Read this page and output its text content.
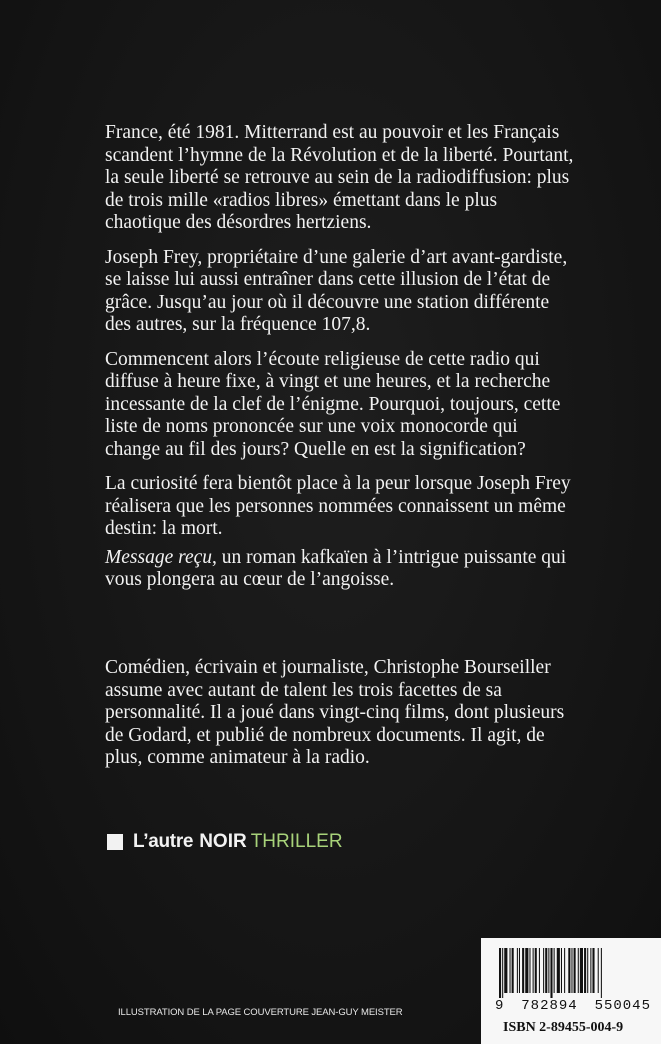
France, été 1981. Mitterrand est au pouvoir et les Français scandent l’hymne de la Révolution et de la liberté. Pourtant, la seule liberté se retrouve au sein de la radiodiffusion: plus de trois mille «radios libres» émettant dans le plus chaotique des désordres hertziens.

Joseph Frey, propriétaire d’une galerie d’art avant-gardiste, se laisse lui aussi entraîner dans cette illusion de l’état de grâce. Jusqu’au jour où il découvre une station différente des autres, sur la fréquence 107,8.

Commencent alors l’écoute religieuse de cette radio qui diffuse à heure fixe, à vingt et une heures, et la recherche incessante de la clef de l’énigme. Pourquoi, toujours, cette liste de noms prononcée sur une voix monocorde qui change au fil des jours? Quelle en est la signification?

La curiosité fera bientôt place à la peur lorsque Joseph Frey réalisera que les personnes nommées connaissent un même destin: la mort.

Message reçu, un roman kafkaïen à l’intrigue puissante qui vous plongera au cœur de l’angoisse.

Comédien, écrivain et journaliste, Christophe Bourseiller assume avec autant de talent les trois facettes de sa personnalité. Il a joué dans vingt-cinq films, dont plusieurs de Godard, et publié de nombreux documents. Il agit, de plus, comme animateur à la radio.

L’autre NOIR THRILLER
ILLUSTRATION DE LA PAGE COUVERTURE JEAN-GUY MEISTER	9 782894 550045
ISBN 2-89455-004-9
